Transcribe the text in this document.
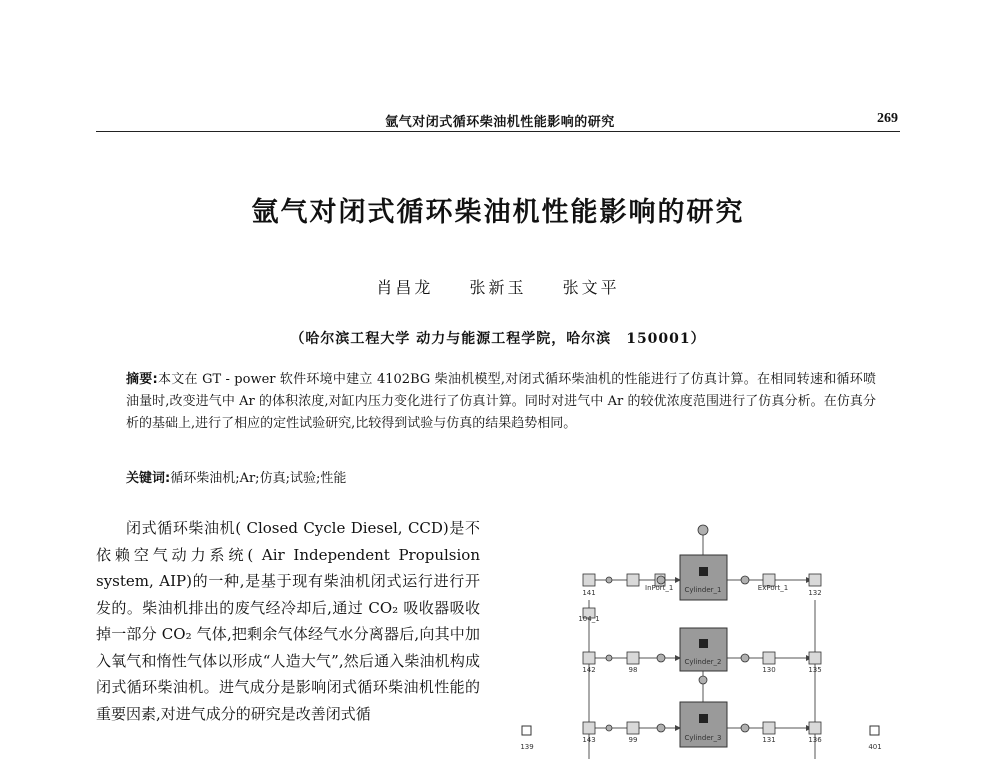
氩气对闭式循环柴油机性能影响的研究	269
氩气对闭式循环柴油机性能影响的研究
肖昌龙 张新玉 张文平
（哈尔滨工程大学 动力与能源工程学院，哈尔滨　150001）
摘要:本文在 GT - power 软件环境中建立 4102BG 柴油机模型,对闭式循环柴油机的性能进行了仿真计算。在相同转速和循环喷油量时,改变进气中 Ar 的体积浓度,对缸内压力变化进行了仿真计算。同时对进气中 Ar 的较优浓度范围进行了仿真分析。在仿真分析的基础上,进行了相应的定性试验研究,比较得到试验与仿真的结果趋势相同。
关键词:循环柴油机;Ar;仿真;试验;性能

闭式循环柴油机( Closed Cycle Diesel, CCD)是不依赖空气动力系统( Air Independent Propulsion system, AIP)的一种,是基于现有柴油机闭式运行进行开发的。柴油机排出的废气经冷却后,通过 CO₂ 吸收器吸收掉一部分 CO₂ 气体,把剩余气体经气水分离器后,向其中加入氧气和惰性气体以形成“人造大气”,然后通入柴油机构成闭式循环柴油机。进气成分是影响闭式循环柴油机性能的重要因素,对进气成分的研究是改善闭式循

Cylinder_1
Cylinder_2
Cylinder_3
141
InPort_1	ExPort_1
132
104_1
142	98	130	135
143	99	131	136
139	401
